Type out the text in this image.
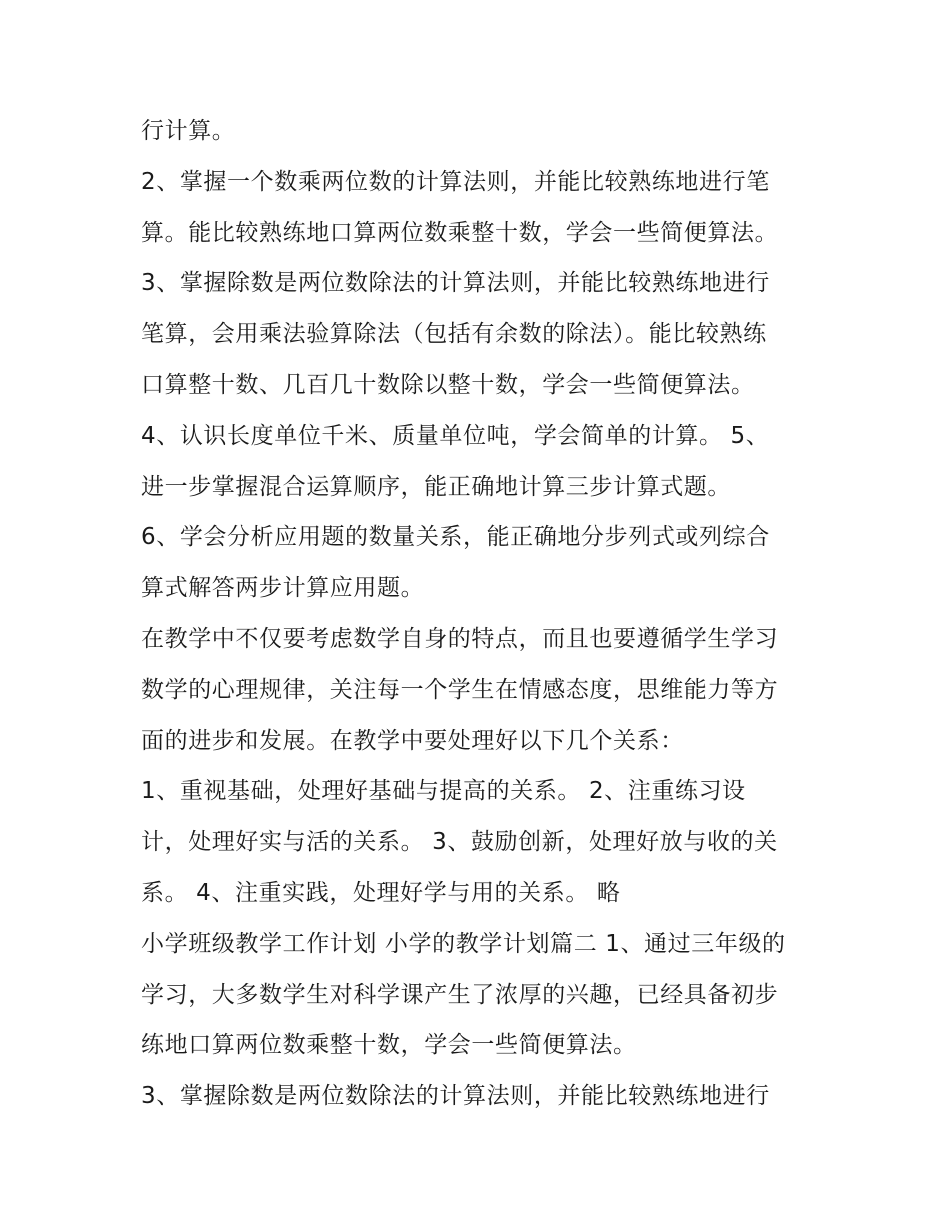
行计算。
2、掌握一个数乘两位数的计算法则，并能比较熟练地进行笔
算。能比较熟练地口算两位数乘整十数，学会一些简便算法。
3、掌握除数是两位数除法的计算法则，并能比较熟练地进行
笔算，会用乘法验算除法（包括有余数的除法）。能比较熟练
口算整十数、几百几十数除以整十数，学会一些简便算法。
4、认识长度单位千米、质量单位吨，学会简单的计算。 5、
进一步掌握混合运算顺序，能正确地计算三步计算式题。
6、学会分析应用题的数量关系，能正确地分步列式或列综合
算式解答两步计算应用题。
在教学中不仅要考虑数学自身的特点，而且也要遵循学生学习
数学的心理规律，关注每一个学生在情感态度，思维能力等方
面的进步和发展。在教学中要处理好以下几个关系：
1、重视基础，处理好基础与提高的关系。 2、注重练习设
计，处理好实与活的关系。 3、鼓励创新，处理好放与收的关
系。 4、注重实践，处理好学与用的关系。 略
小学班级教学工作计划 小学的教学计划篇二 1、通过三年级的
学习，大多数学生对科学课产生了浓厚的兴趣，已经具备初步
练地口算两位数乘整十数，学会一些简便算法。
3、掌握除数是两位数除法的计算法则，并能比较熟练地进行
